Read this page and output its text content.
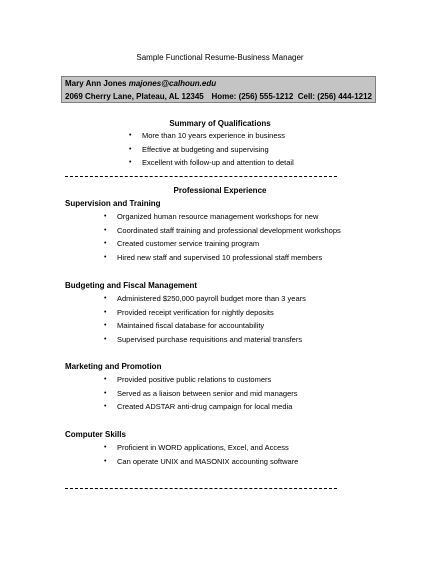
Sample Functional Resume-Business Manager
Mary Ann Jones majones@calhoun.edu
2069 Cherry Lane, Plateau, AL 12345 Home: (256) 555-1212 Cell: (256) 444-1212
Summary of Qualifications
• More than 10 years experience in business
• Effective at budgeting and supervising
• Excellent with follow-up and attention to detail
Professional Experience
Supervision and Training
• Organized human resource management workshops for new
• Coordinated staff training and professional development workshops
• Created customer service training program
• Hired new staff and supervised 10 professional staff members
Budgeting and Fiscal Management
• Administered $250,000 payroll budget more than 3 years
• Provided receipt verification for nightly deposits
• Maintained fiscal database for accountability
• Supervised purchase requisitions and material transfers
Marketing and Promotion
• Provided positive public relations to customers
• Served as a liaison between senior and mid managers
• Created ADSTAR anti-drug campaign for local media
Computer Skills
• Proficient in WORD applications, Excel, and Access
• Can operate UNIX and MASONIX accounting software
